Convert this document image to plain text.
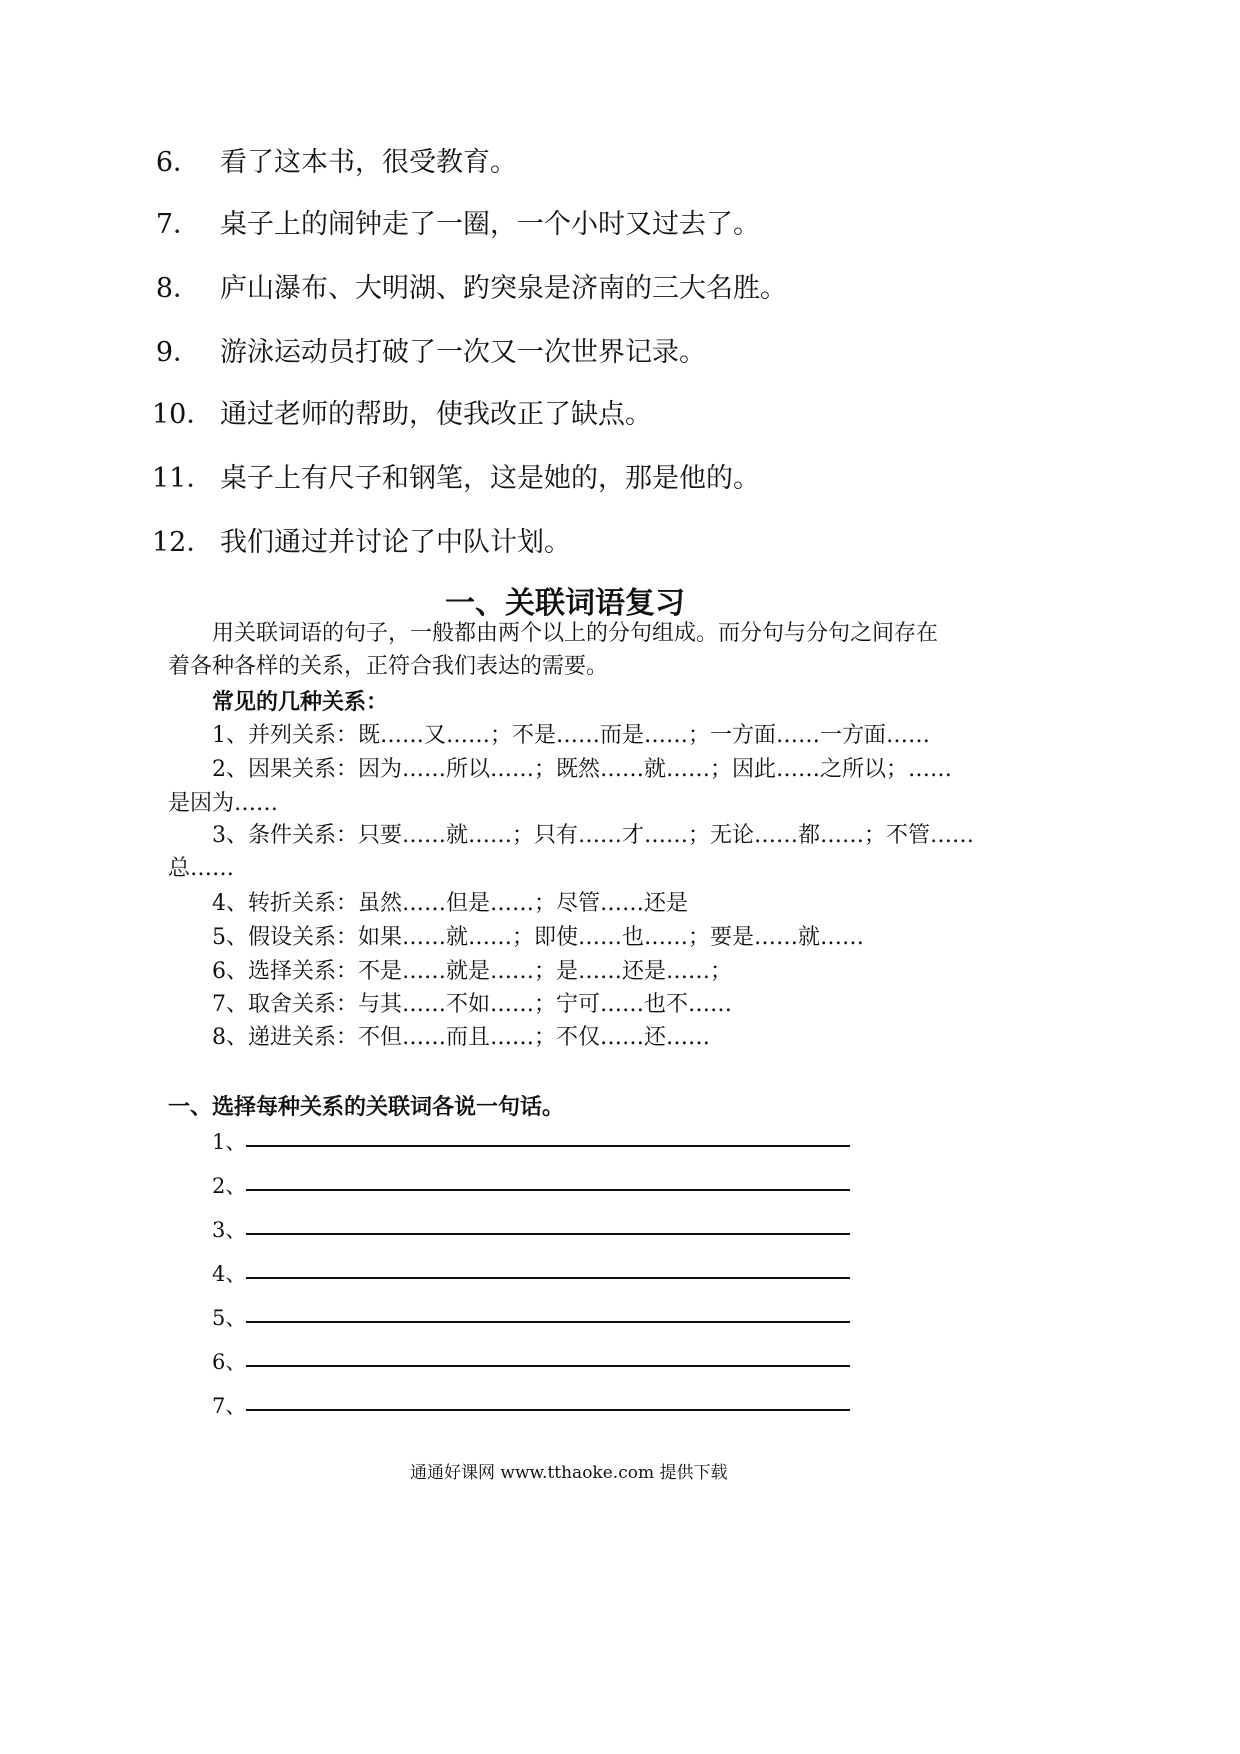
6． 看了这本书，很受教育。
7． 桌子上的闹钟走了一圈，一个小时又过去了。
8． 庐山瀑布、大明湖、趵突泉是济南的三大名胜。
9． 游泳运动员打破了一次又一次世界记录。
10． 通过老师的帮助，使我改正了缺点。
11． 桌子上有尺子和钢笔，这是她的，那是他的。
12． 我们通过并讨论了中队计划。
一、关联词语复习
用关联词语的句子，一般都由两个以上的分句组成。而分句与分句之间存在
着各种各样的关系，正符合我们表达的需要。
常见的几种关系：
1、并列关系：既……又……；不是……而是……；一方面……一方面……
2、因果关系：因为……所以……；既然……就……；因此……之所以；……
是因为……
3、条件关系：只要……就……；只有……才……；无论……都……；不管……
总……
4、转折关系：虽然……但是……；尽管……还是
5、假设关系：如果……就……；即使……也……；要是……就……
6、选择关系：不是……就是……；是……还是……；
7、取舍关系：与其……不如……；宁可……也不……
8、递进关系：不但……而且……；不仅……还……
一、选择每种关系的关联词各说一句话。
1、
2、
3、
4、
5、
6、
7、
通通好课网 www.tthaoke.com 提供下载
